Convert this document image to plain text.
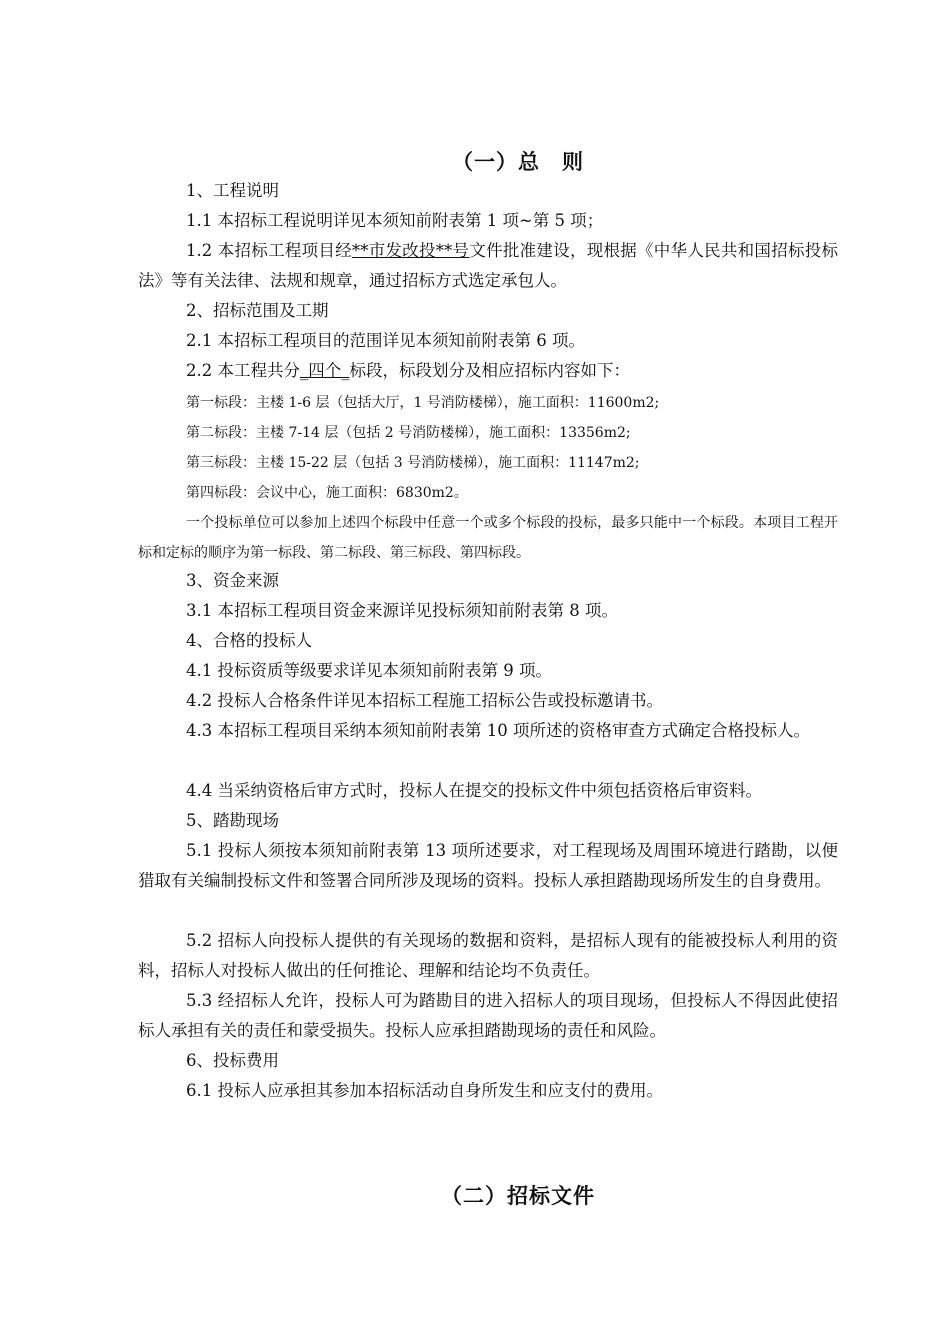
（一）总　则
1、工程说明
1.1 本招标工程说明详见本须知前附表第 1 项~第 5 项；
1.2 本招标工程项目经**市发改投**号文件批准建设，现根据《中华人民共和国招标投标法》等有关法律、法规和规章，通过招标方式选定承包人。
2、招标范围及工期
2.1 本招标工程项目的范围详见本须知前附表第 6 项。
2.2 本工程共分_四个_标段，标段划分及相应招标内容如下：
第一标段：主楼 1-6 层（包括大厅，1 号消防楼梯），施工面积：11600m2;
第二标段：主楼 7-14 层（包括 2 号消防楼梯），施工面积：13356m2;
第三标段：主楼 15-22 层（包括 3 号消防楼梯），施工面积：11147m2;
第四标段：会议中心，施工面积：6830m2。
一个投标单位可以参加上述四个标段中任意一个或多个标段的投标，最多只能中一个标段。本项目工程开标和定标的顺序为第一标段、第二标段、第三标段、第四标段。
3、资金来源
3.1 本招标工程项目资金来源详见投标须知前附表第 8 项。
4、合格的投标人
4.1 投标资质等级要求详见本须知前附表第 9 项。
4.2 投标人合格条件详见本招标工程施工招标公告或投标邀请书。
4.3 本招标工程项目采纳本须知前附表第 10 项所述的资格审查方式确定合格投标人。
4.4 当采纳资格后审方式时，投标人在提交的投标文件中须包括资格后审资料。
5、踏勘现场
5.1 投标人须按本须知前附表第 13 项所述要求，对工程现场及周围环境进行踏勘，以便猎取有关编制投标文件和签署合同所涉及现场的资料。投标人承担踏勘现场所发生的自身费用。
5.2 招标人向投标人提供的有关现场的数据和资料，是招标人现有的能被投标人利用的资料，招标人对投标人做出的任何推论、理解和结论均不负责任。
5.3 经招标人允许，投标人可为踏勘目的进入招标人的项目现场，但投标人不得因此使招标人承担有关的责任和蒙受损失。投标人应承担踏勘现场的责任和风险。
6、投标费用
6.1 投标人应承担其参加本招标活动自身所发生和应支付的费用。
（二）招标文件
